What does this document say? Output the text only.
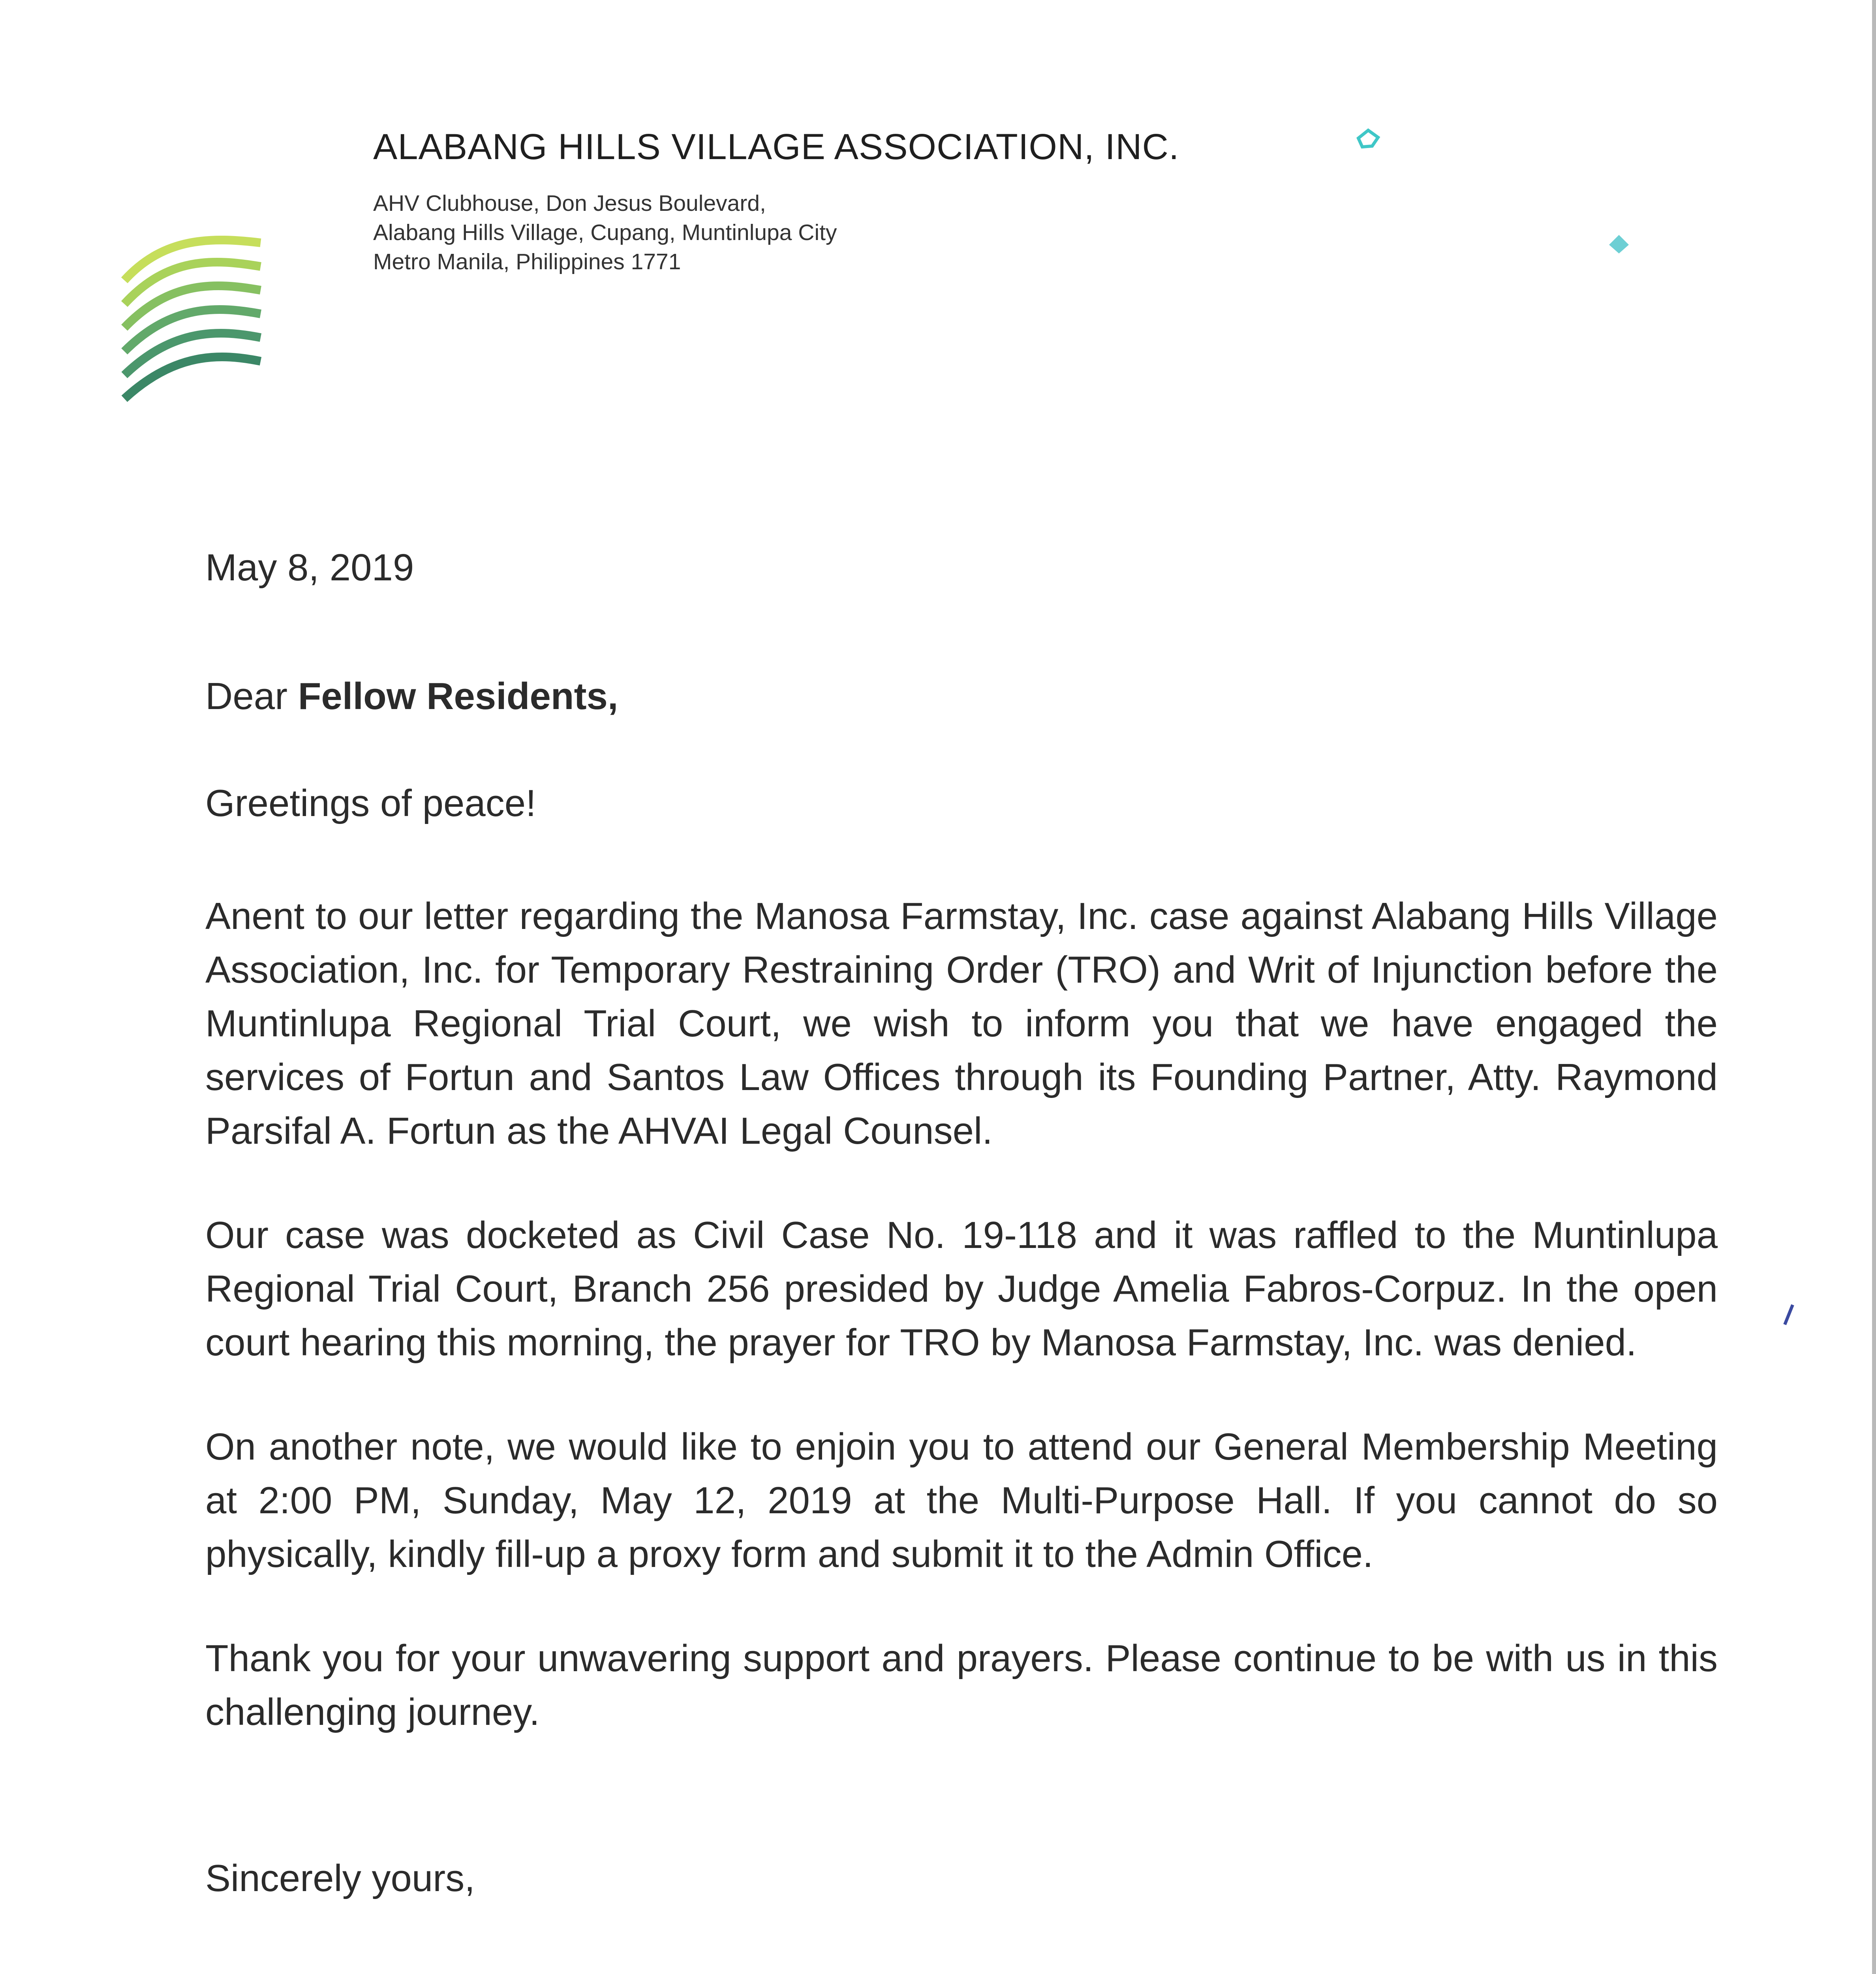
ALABANG HILLS VILLAGE ASSOCIATION, INC.
AHV Clubhouse, Don Jesus Boulevard,
Alabang Hills Village, Cupang, Muntinlupa City
Metro Manila, Philippines 1771
May 8, 2019
Dear Fellow Residents,
Greetings of peace!

Anent to our letter regarding the Manosa Farmstay, Inc. case against Alabang Hills Village Association, Inc. for Temporary Restraining Order (TRO) and Writ of Injunction before the Muntinlupa Regional Trial Court, we wish to inform you that we have engaged the services of Fortun and Santos Law Offices through its Founding Partner, Atty. Raymond Parsifal A. Fortun as the AHVAI Legal Counsel.

Our case was docketed as Civil Case No. 19-118 and it was raffled to the Muntinlupa Regional Trial Court, Branch 256 presided by Judge Amelia Fabros-Corpuz. In the open court hearing this morning, the prayer for TRO by Manosa Farmstay, Inc. was denied.

On another note, we would like to enjoin you to attend our General Membership Meeting at 2:00 PM, Sunday, May 12, 2019 at the Multi-Purpose Hall. If you cannot do so physically, kindly fill-up a proxy form and submit it to the Admin Office.

Thank you for your unwavering support and prayers. Please continue to be with us in this challenging journey.

Sincerely yours,
